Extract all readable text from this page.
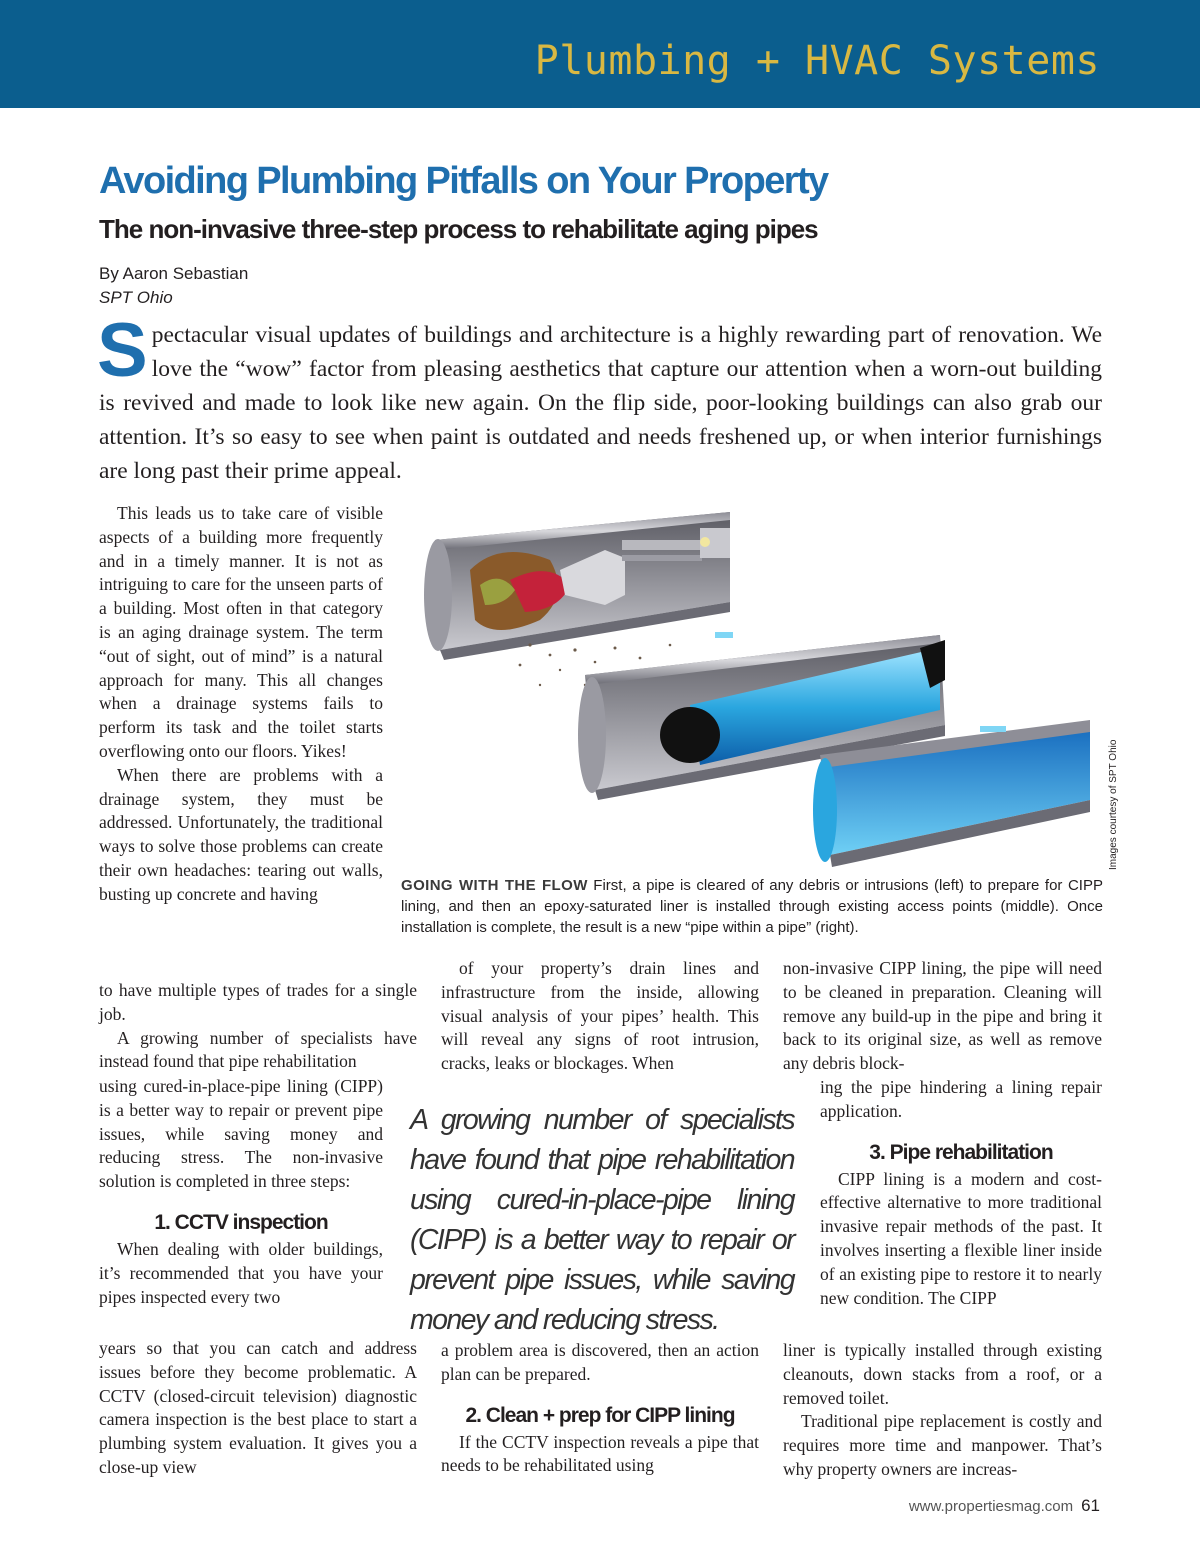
Plumbing + HVAC Systems
Avoiding Plumbing Pitfalls on Your Property
The non-invasive three-step process to rehabilitate aging pipes
By Aaron Sebastian
SPT Ohio
Spectacular visual updates of buildings and architecture is a highly rewarding part of renovation. We love the “wow” factor from pleasing aesthetics that capture our attention when a worn-out building is revived and made to look like new again. On the flip side, poor-looking buildings can also grab our attention. It’s so easy to see when paint is outdated and needs freshened up, or when interior furnishings are long past their prime appeal.

This leads us to take care of visible aspects of a building more frequently and in a timely manner. It is not as intriguing to care for the unseen parts of a building. Most often in that category is an aging drainage system. The term “out of sight, out of mind” is a natural approach for many. This all changes when a drainage systems fails to perform its task and the toilet starts overflowing onto our floors. Yikes!

When there are problems with a drainage system, they must be addressed. Unfortunately, the traditional ways to solve those problems can create their own headaches: tearing out walls, busting up concrete and having

to have multiple types of trades for a single job.

A growing number of specialists have instead found that pipe rehabilitation

using cured-in-place-pipe lining (CIPP) is a better way to repair or prevent pipe issues, while saving money and reducing stress. The non-invasive solution is completed in three steps:

1. CCTV inspection

When dealing with older buildings, it’s recommended that you have your pipes inspected every two

years so that you can catch and address issues before they become problematic. A CCTV (closed-circuit television) diagnostic camera inspection is the best place to start a plumbing system evaluation. It gives you a close-up view

of your property’s drain lines and infrastructure from the inside, allowing visual analysis of your pipes’ health. This will reveal any signs of root intrusion, cracks, leaks or blockages. When

a problem area is discovered, then an action plan can be prepared.

2. Clean + prep for CIPP lining

If the CCTV inspection reveals a pipe that needs to be rehabilitated using

non-invasive CIPP lining, the pipe will need to be cleaned in preparation. Cleaning will remove any build-up in the pipe and bring it back to its original size, as well as remove any debris block-

ing the pipe hindering a lining repair application.

3. Pipe rehabilitation

CIPP lining is a modern and cost-effective alternative to more traditional invasive repair methods of the past. It involves inserting a flexible liner inside of an existing pipe to restore it to nearly new condition. The CIPP

liner is typically installed through existing cleanouts, down stacks from a roof, or a removed toilet.

Traditional pipe replacement is costly and requires more time and manpower. That’s why property owners are increas-

Images courtesy of SPT Ohio
GOING WITH THE FLOW First, a pipe is cleared of any debris or intrusions (left) to prepare for CIPP lining, and then an epoxy-saturated liner is installed through existing access points (middle). Once installation is complete, the result is a new “pipe within a pipe” (right).
A growing number of specialists have found that pipe rehabilitation using cured-in-place-pipe lining (CIPP) is a better way to repair or prevent pipe issues, while saving money and reducing stress.
www.propertiesmag.com 61
